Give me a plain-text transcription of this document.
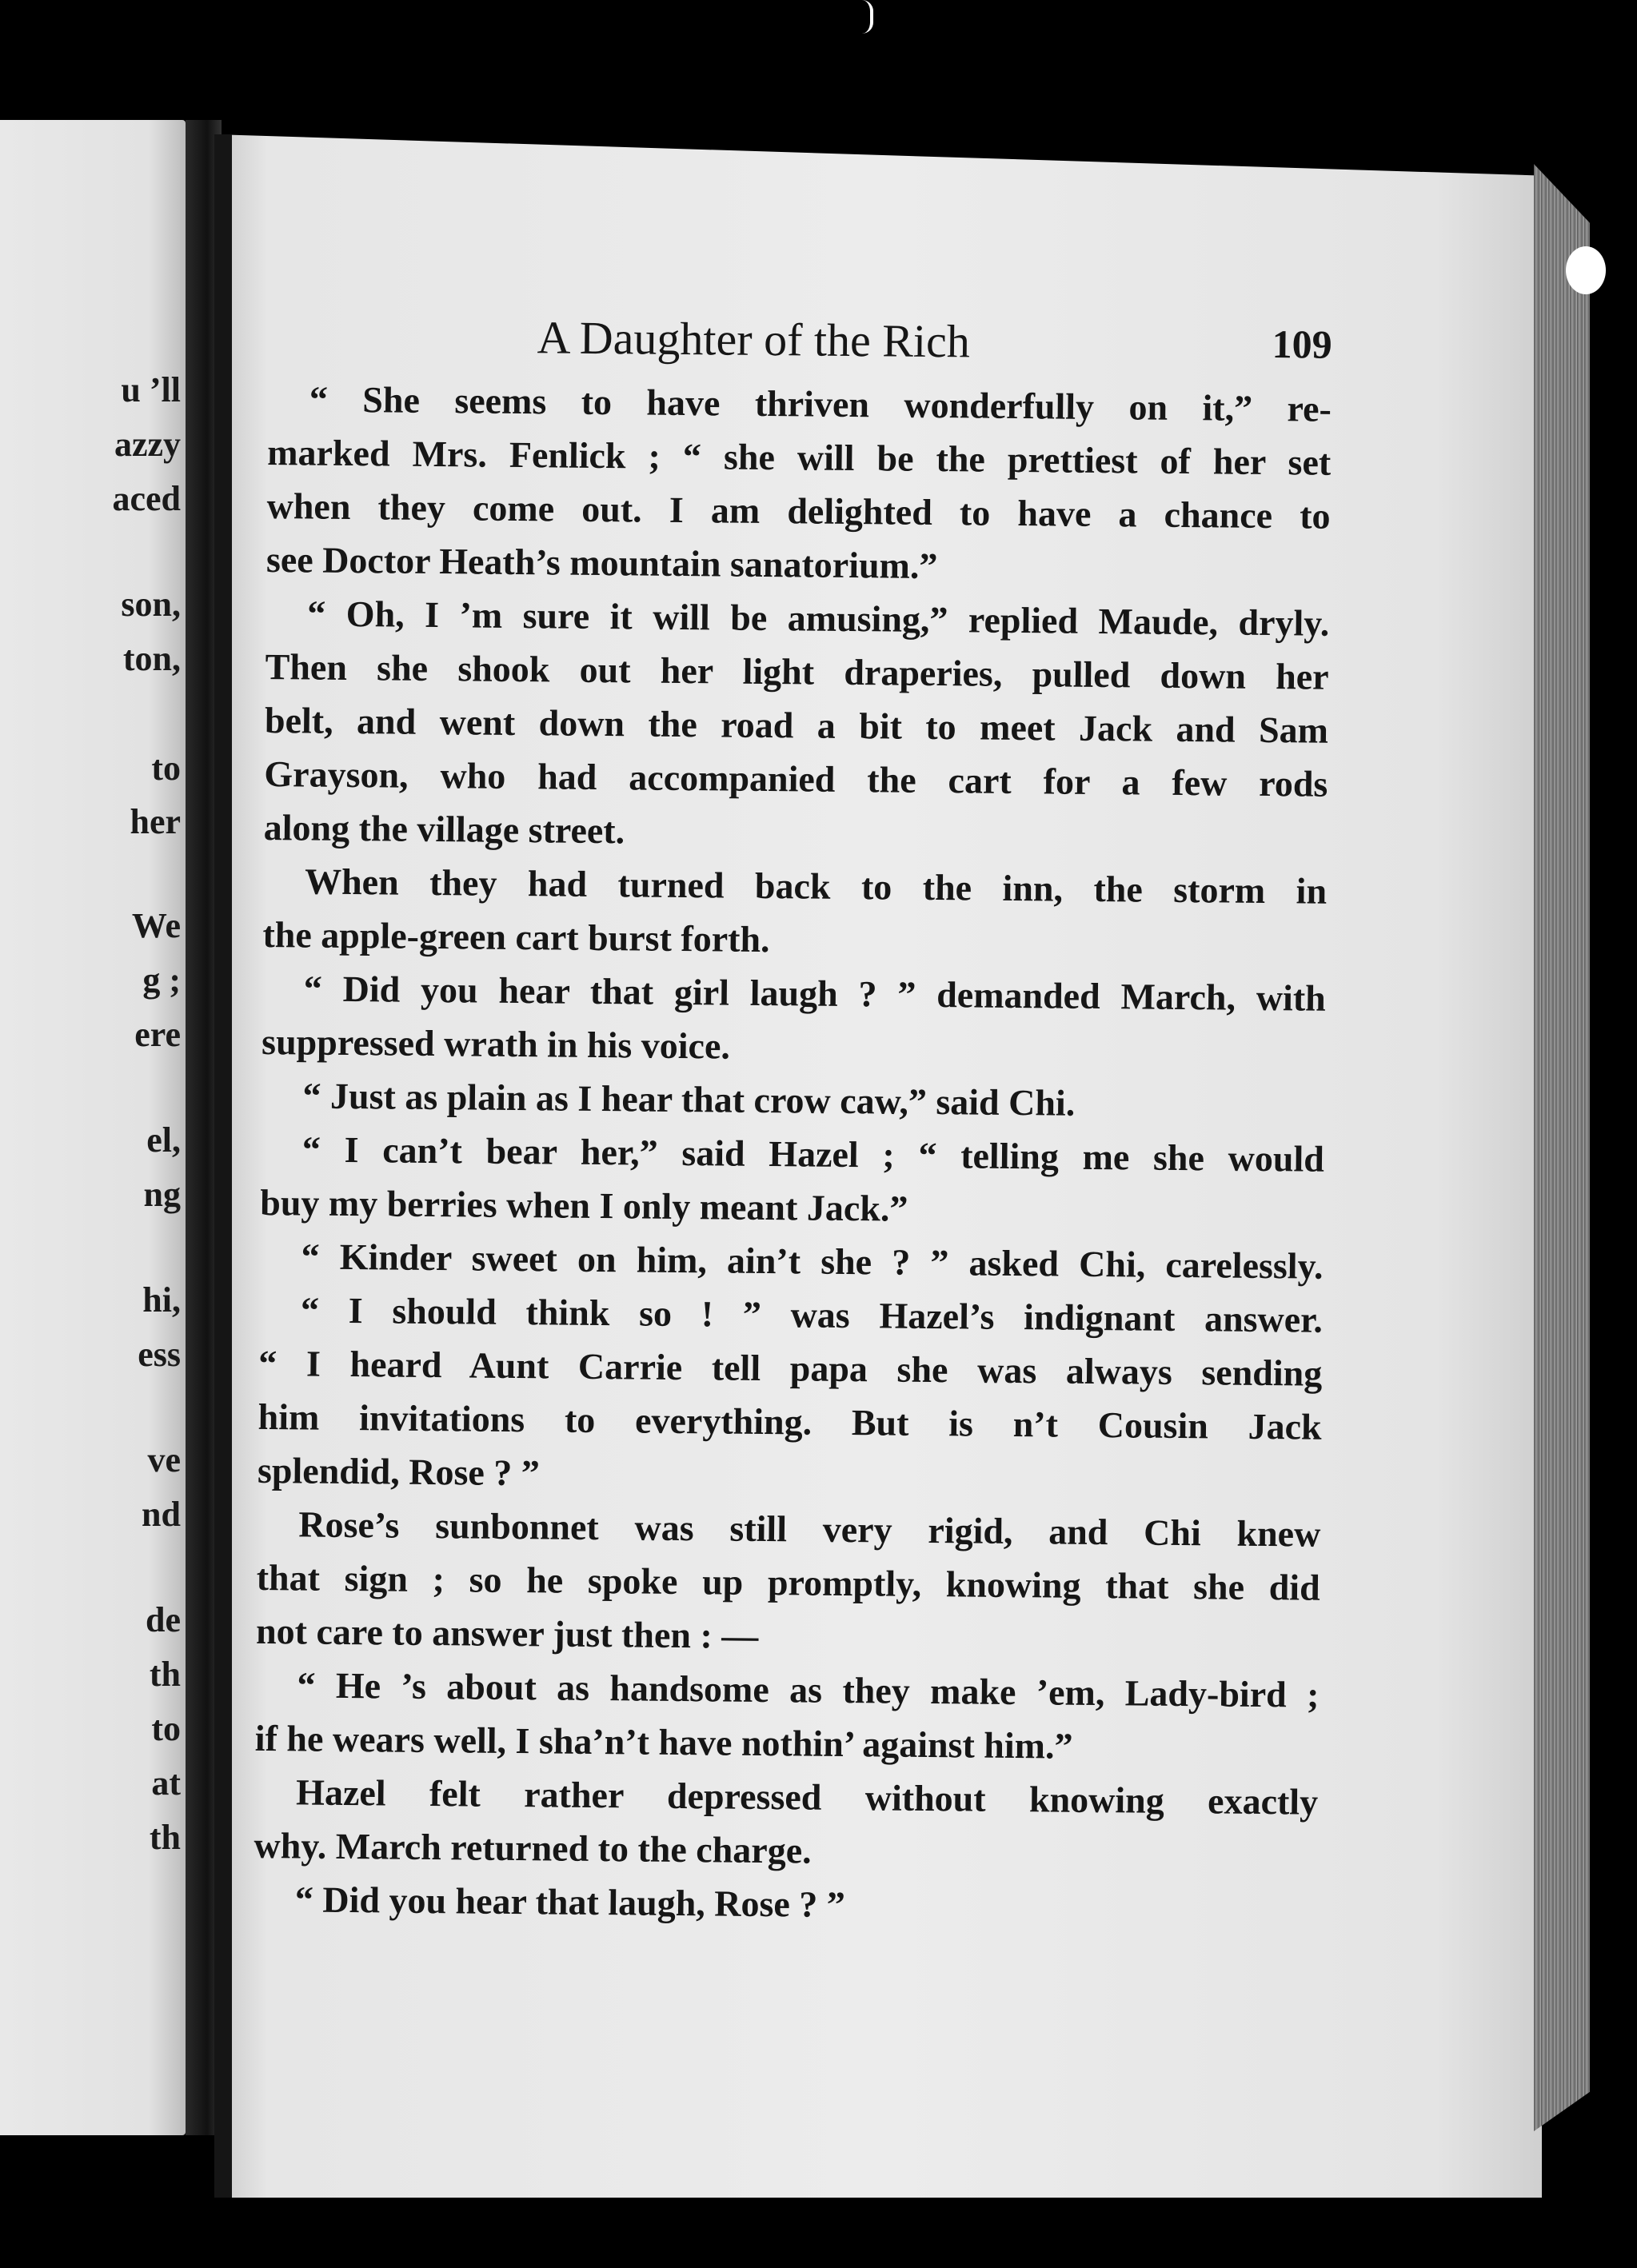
u ’ll
azzy
aced
son,
ton,
to
her
We
g ;
ere
el,
ng
hi,
ess
ve
nd
de
th
to
at
th
A Daughter of the Rich	109
“ She seems to have thriven wonderfully on it,” re-
marked Mrs. Fenlick ; “ she will be the prettiest of her set
when they come out. I am delighted to have a chance to
see Doctor Heath’s mountain sanatorium.”
“ Oh, I ’m sure it will be amusing,” replied Maude, dryly.
Then she shook out her light draperies, pulled down her
belt, and went down the road a bit to meet Jack and Sam
Grayson, who had accompanied the cart for a few rods
along the village street.
When they had turned back to the inn, the storm in
the apple-green cart burst forth.
“ Did you hear that girl laugh ? ” demanded March, with
suppressed wrath in his voice.
“ Just as plain as I hear that crow caw,” said Chi.
“ I can’t bear her,” said Hazel ; “ telling me she would
buy my berries when I only meant Jack.”
“ Kinder sweet on him, ain’t she ? ” asked Chi, carelessly.
“ I should think so ! ” was Hazel’s indignant answer.
“ I heard Aunt Carrie tell papa she was always sending
him invitations to everything. But is n’t Cousin Jack
splendid, Rose ? ”
Rose’s sunbonnet was still very rigid, and Chi knew
that sign ; so he spoke up promptly, knowing that she did
not care to answer just then : —
“ He ’s about as handsome as they make ’em, Lady-bird ;
if he wears well, I sha’n’t have nothin’ against him.”
Hazel felt rather depressed without knowing exactly
why. March returned to the charge.
“ Did you hear that laugh, Rose ? ”
